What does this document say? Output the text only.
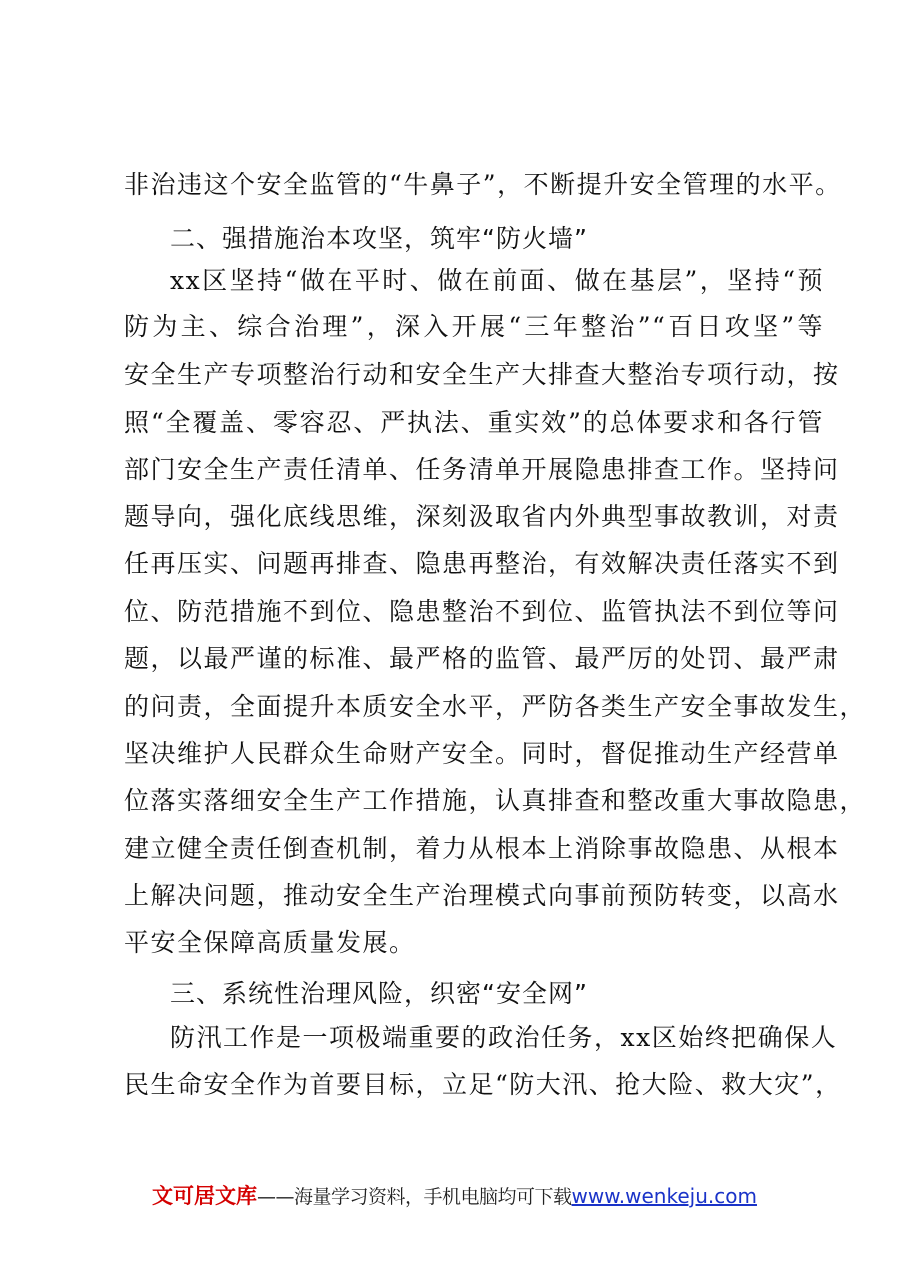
非治违这个安全监管的“牛鼻子”，不断提升安全管理的水平。
二、强措施治本攻坚，筑牢“防火墙”
xx区坚持“做在平时、做在前面、做在基层”，坚持“预
防为主、综合治理”，深入开展“三年整治”“百日攻坚”等
安全生产专项整治行动和安全生产大排查大整治专项行动，按
照“全覆盖、零容忍、严执法、重实效”的总体要求和各行管
部门安全生产责任清单、任务清单开展隐患排查工作。坚持问
题导向，强化底线思维，深刻汲取省内外典型事故教训，对责
任再压实、问题再排查、隐患再整治，有效解决责任落实不到
位、防范措施不到位、隐患整治不到位、监管执法不到位等问
题，以最严谨的标准、最严格的监管、最严厉的处罚、最严肃
的问责，全面提升本质安全水平，严防各类生产安全事故发生，
坚决维护人民群众生命财产安全。同时，督促推动生产经营单
位落实落细安全生产工作措施，认真排查和整改重大事故隐患，
建立健全责任倒查机制，着力从根本上消除事故隐患、从根本
上解决问题，推动安全生产治理模式向事前预防转变，以高水
平安全保障高质量发展。
三、系统性治理风险，织密“安全网”
防汛工作是一项极端重要的政治任务，xx区始终把确保人
民生命安全作为首要目标，立足“防大汛、抢大险、救大灾”，
文可居文库——海量学习资料，手机电脑均可下载www.wenkeju.com
